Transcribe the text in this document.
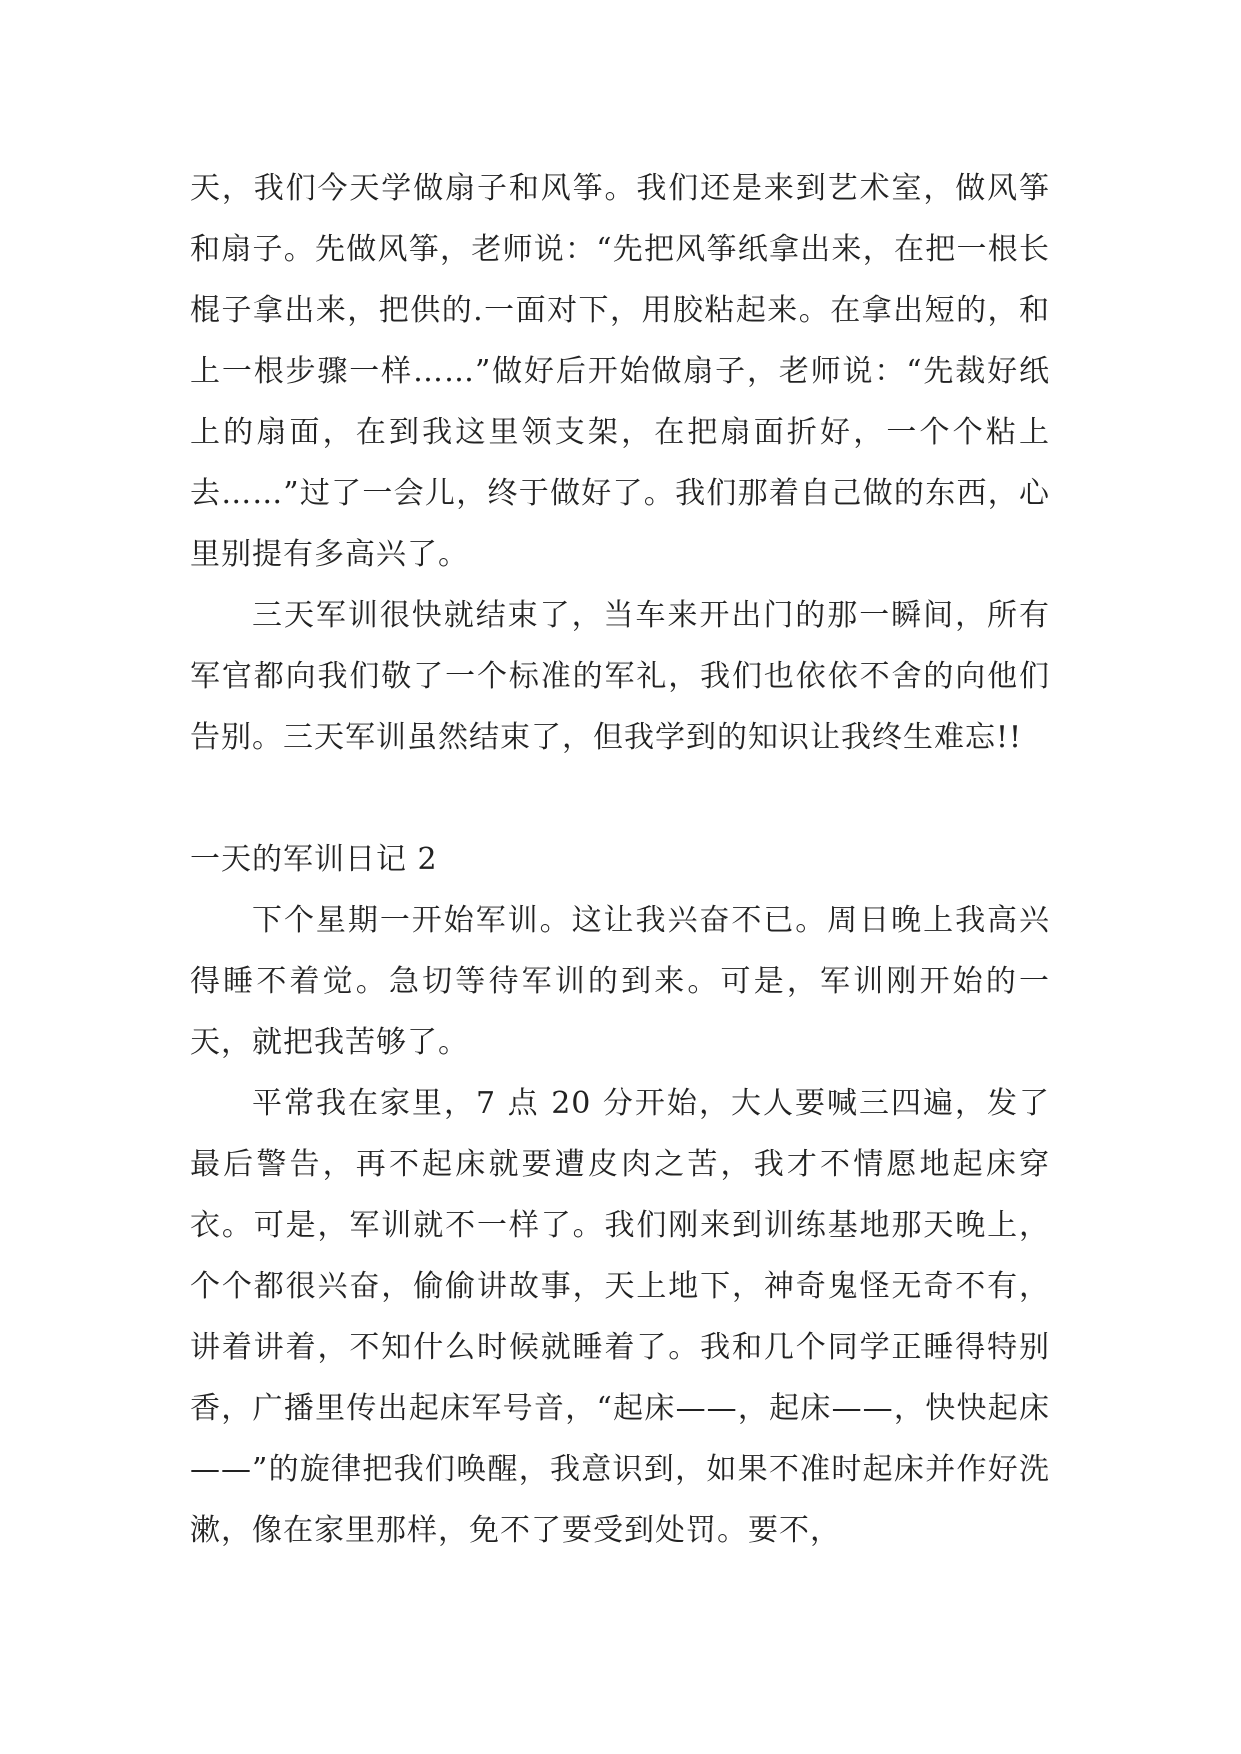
天，我们今天学做扇子和风筝。我们还是来到艺术室，做风筝和扇子。先做风筝，老师说：“先把风筝纸拿出来，在把一根长棍子拿出来，把供的.一面对下，用胶粘起来。在拿出短的，和上一根步骤一样……”做好后开始做扇子，老师说：“先裁好纸上的扇面，在到我这里领支架，在把扇面折好，一个个粘上去……”过了一会儿，终于做好了。我们那着自己做的东西，心里别提有多高兴了。

三天军训很快就结束了，当车来开出门的那一瞬间，所有军官都向我们敬了一个标准的军礼，我们也依依不舍的向他们告别。三天军训虽然结束了，但我学到的知识让我终生难忘!!

一天的军训日记 2

下个星期一开始军训。这让我兴奋不已。周日晚上我高兴得睡不着觉。急切等待军训的到来。可是，军训刚开始的一天，就把我苦够了。

平常我在家里，7 点 20 分开始，大人要喊三四遍，发了最后警告，再不起床就要遭皮肉之苦，我才不情愿地起床穿衣。可是，军训就不一样了。我们刚来到训练基地那天晚上，个个都很兴奋，偷偷讲故事，天上地下，神奇鬼怪无奇不有，讲着讲着，不知什么时候就睡着了。我和几个同学正睡得特别香，广播里传出起床军号音，“起床——，起床——，快快起床——”的旋律把我们唤醒，我意识到，如果不准时起床并作好洗漱，像在家里那样，免不了要受到处罚。要不，
